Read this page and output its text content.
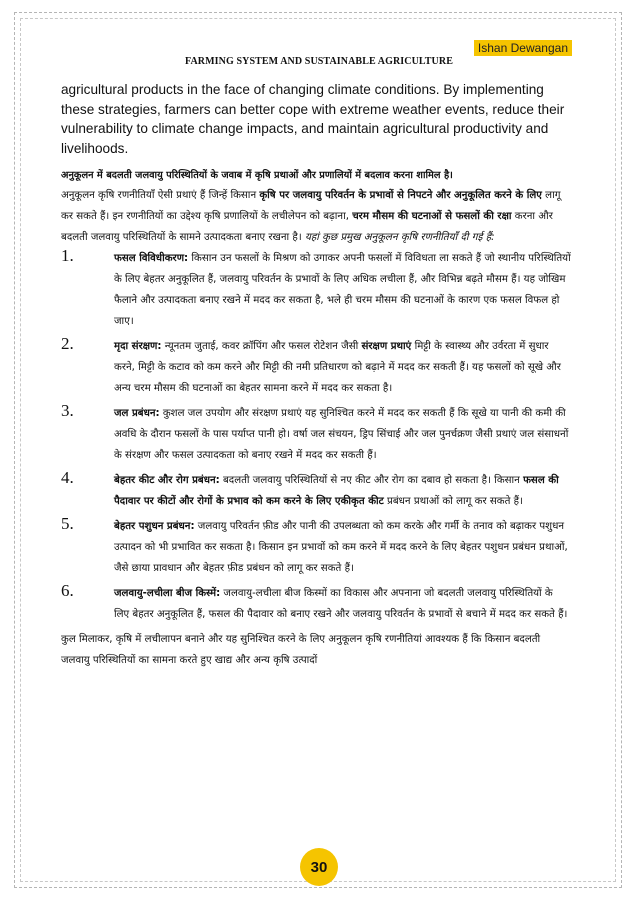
Ishan Dewangan
FARMING SYSTEM AND SUSTAINABLE AGRICULTURE

agricultural products in the face of changing climate conditions. By implementing these strategies, farmers can better cope with extreme weather events, reduce their vulnerability to climate change impacts, and maintain agricultural productivity and livelihoods.

अनुकूलन में बदलती जलवायु परिस्थितियों के जवाब में कृषि प्रथाओं और प्रणालियों में बदलाव करना शामिल है।

अनुकूलन कृषि रणनीतियाँ ऐसी प्रथाएं हैं जिन्हें किसान कृषि पर जलवायु परिवर्तन के प्रभावों से निपटने और अनुकूलित करने के लिए लागू कर सकते हैं। इन रणनीतियों का उद्देश्य कृषि प्रणालियों के लचीलेपन को बढ़ाना, चरम मौसम की घटनाओं से फसलों की रक्षा करना और बदलती जलवायु परिस्थितियों के सामने उत्पादकता बनाए रखना है। यहां कुछ प्रमुख अनुकूलन कृषि रणनीतियाँ दी गई हैं:

1.	फसल विविधीकरण: किसान उन फसलों के मिश्रण को उगाकर अपनी फसलों में विविधता ला सकते हैं जो स्थानीय परिस्थितियों के लिए बेहतर अनुकूलित हैं, जलवायु परिवर्तन के प्रभावों के लिए अधिक लचीला हैं, और विभिन्न बढ़ते मौसम हैं। यह जोखिम फैलाने और उत्पादकता बनाए रखने में मदद कर सकता है, भले ही चरम मौसम की घटनाओं के कारण एक फसल विफल हो जाए।

2.	मृदा संरक्षण: न्यूनतम जुताई, कवर क्रॉपिंग और फसल रोटेशन जैसी संरक्षण प्रथाएं मिट्टी के स्वास्थ्य और उर्वरता में सुधार करने, मिट्टी के कटाव को कम करने और मिट्टी की नमी प्रतिधारण को बढ़ाने में मदद कर सकती हैं। यह फसलों को सूखे और अन्य चरम मौसम की घटनाओं का बेहतर सामना करने में मदद कर सकता है।

3.	जल प्रबंधन: कुशल जल उपयोग और संरक्षण प्रथाएं यह सुनिश्चित करने में मदद कर सकती हैं कि सूखे या पानी की कमी की अवधि के दौरान फसलों के पास पर्याप्त पानी हो। वर्षा जल संचयन, ड्रिप सिंचाई और जल पुनर्चक्रण जैसी प्रथाएं जल संसाधनों के संरक्षण और फसल उत्पादकता को बनाए रखने में मदद कर सकती हैं।

4.	बेहतर कीट और रोग प्रबंधन: बदलती जलवायु परिस्थितियों से नए कीट और रोग का दबाव हो सकता है। किसान फसल की पैदावार पर कीटों और रोगों के प्रभाव को कम करने के लिए एकीकृत कीट प्रबंधन प्रथाओं को लागू कर सकते हैं।

5.	बेहतर पशुधन प्रबंधन: जलवायु परिवर्तन फ़ीड और पानी की उपलब्धता को कम करके और गर्मी के तनाव को बढ़ाकर पशुधन उत्पादन को भी प्रभावित कर सकता है। किसान इन प्रभावों को कम करने में मदद करने के लिए बेहतर पशुधन प्रबंधन प्रथाओं, जैसे छाया प्रावधान और बेहतर फ़ीड प्रबंधन को लागू कर सकते हैं।

6.	जलवायु-लचीला बीज किस्में: जलवायु-लचीला बीज किस्मों का विकास और अपनाना जो बदलती जलवायु परिस्थितियों के लिए बेहतर अनुकूलित हैं, फसल की पैदावार को बनाए रखने और जलवायु परिवर्तन के प्रभावों से बचाने में मदद कर सकते हैं।

कुल मिलाकर, कृषि में लचीलापन बनाने और यह सुनिश्चित करने के लिए अनुकूलन कृषि रणनीतियां आवश्यक हैं कि किसान बदलती जलवायु परिस्थितियों का सामना करते हुए खाद्य और अन्य कृषि उत्पादों

30
